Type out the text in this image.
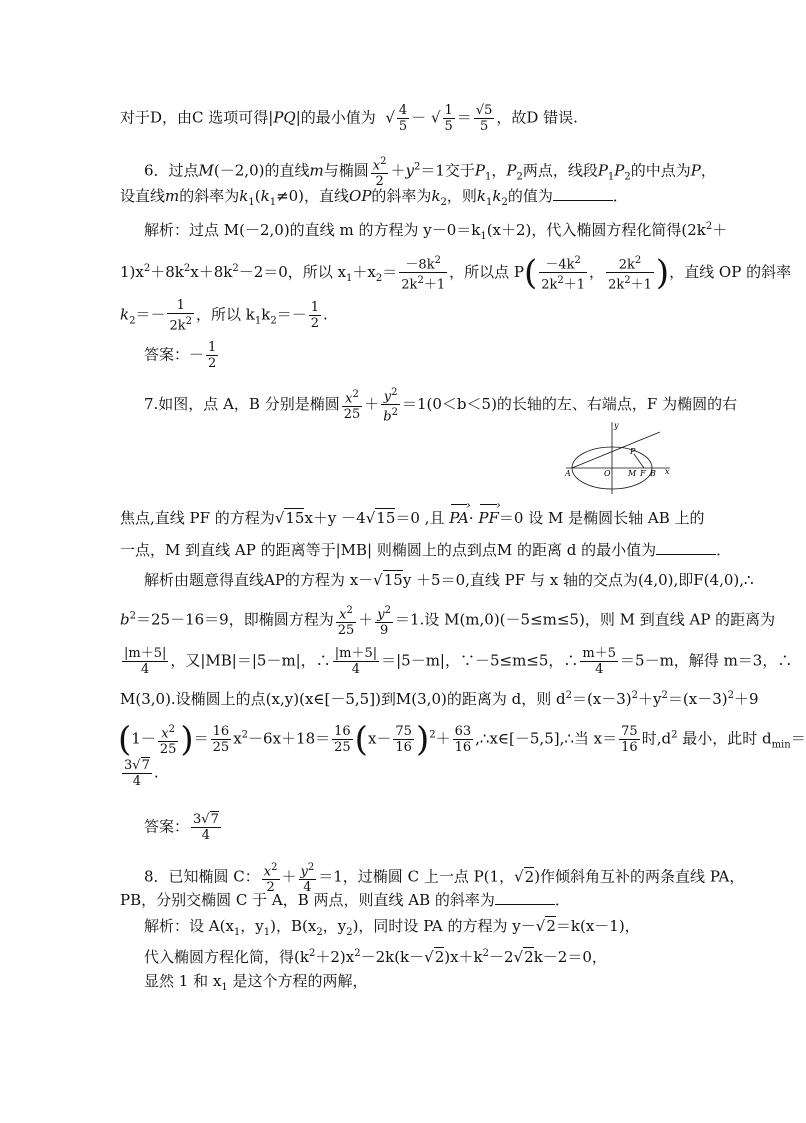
对于D，由C 选项可得|PQ|的最小值为  √ $\frac{4}{5}$ － √ $\frac{1}{5} = \frac{√5}{5}$ ，故D 错误.
6．过点M(－2,0)的直线m与椭圆 $\frac{x^2}{2} +y^2=1$交于$P_1$，$P_2$两点，线段$P_1P_2$的中点为P，
设直线m的斜率为$k_1(k_1\ne 0)$，直线OP的斜率为$k_2$，则$k_1k_2$的值为	．
解析：过点 M(－2,0)的直线 m 的方程为 $y-0=k_1(x+2)$，代入椭圆方程化简得($2k^2+$
$1)x^2+8k^2x+8k^2-2=0$，所以 $x_1+x_2= \frac{-8k^2}{2k^2+1}$ ，所以点 $P( \frac{-4k^2}{2k^2+1}$ ， $\frac{2k^2}{2k^2+1}$ )，直线 OP 的斜率
$k_2=- \frac{1}{2k^2}$ ，所以 $k_1k_2=- \frac{1}{2}$ .
答案：－ $\frac{1}{2}$
7.如图，点 A，B 分别是椭圆 $\frac{x^2}{25} + \frac{y^2}{b^2} =1(0<b<5)$的长轴的左、右端点，F 为椭圆的右
y
x
A	O M F B
P
焦点,直线 PF 的方程为√15x＋y －4√15＝0 ,且 PA ›· PF ›＝0 设 M 是椭圆长轴 AB 上的
一点，M 到直线 AP 的距离等于|MB| 则椭圆上的点到点M 的距离 d 的最小值为	．
解析由题意得直线AP的方程为 x－√15y ＋5＝0,直线 PF 与 x 轴的交点为(4,0),即F(4,0),∴
$b^2=25-16=9$，即椭圆方程为 $\frac{x^2}{25} + \frac{y^2}{9} =1$.设 M(m,0)(－5≤m≤5)，则 M 到直线 AP 的距离为
$\frac{|m+5|}{4}$ ，又|MB|＝|5－m|，∴ $\frac{|m+5|}{4} =|5-m|$，∵－5≤m≤5，∴ $\frac{m+5}{4} =5-m$，解得 m＝3，∴
M(3,0).设椭圆上的点(x,y)(x∈[－5,5])到M(3,0)的距离为 d，则 $d^2=(x-3)^2+y^2=(x-3)^2+9$
($1- \frac{x^2}{25}$ )＝ $\frac{16}{25} x^2-6x+18= \frac{16}{25} (x- \frac{75}{16} )^2+ \frac{63}{16}$ ,∴x∈[－5,5],∴当 $x= \frac{75}{16}$ 时$,d^2$ 最小，此时 $d_{min}=$
$\frac{3√7}{4}$ .
答案： $\frac{3√7}{4}$
8．已知椭圆 C： $\frac{x^2}{2} + \frac{y^2}{4} =1$，过椭圆 C 上一点 P(1，√2)作倾斜角互补的两条直线 PA，
PB，分别交椭圆 C 于 A，B 两点，则直线 AB 的斜率为	．
解析：设 $A(x_1$，$y_1$)，$B(x_2$，$y_2$)，同时设 PA 的方程为 y－√2＝k(x－1)，
代入椭圆方程化简，得$(k^2+2)x^2-2k(k-√2)x+k^2-2√2k-2=0$，
显然 1 和 $x_1$ 是这个方程的两解，
